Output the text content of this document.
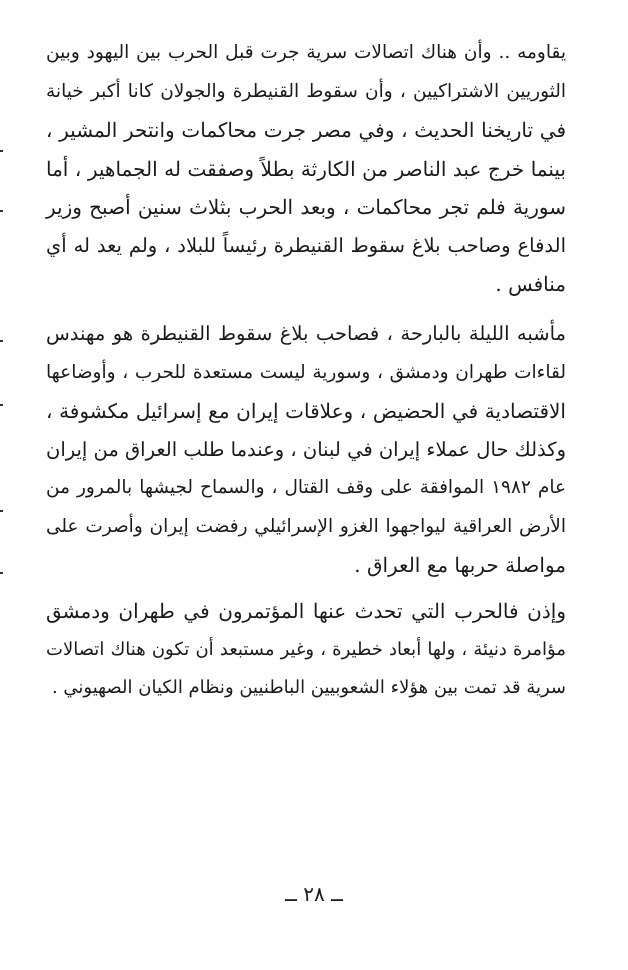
يقاومه .. وأن هناك اتصالات سرية جرت قبل الحرب بين اليهود وبين
الثوريين الاشتراكيين ، وأن سقوط القنيطرة والجولان كانا أكبر خيانة
في تاريخنا الحديث ، وفي مصر جرت محاكمات وانتحر المشير ،
بينما خرج عبد الناصر من الكارثة بطلاً وصفقت له الجماهير ، أما
سورية فلم تجر محاكمات ، وبعد الحرب بثلاث سنين أصبح وزير
الدفاع وصاحب بلاغ سقوط القنيطرة رئيساً للبلاد ، ولم يعد له أي
منافس .
مأشبه الليلة بالبارحة ، فصاحب بلاغ سقوط القنيطرة هو مهندس
لقاءات طهران ودمشق ، وسورية ليست مستعدة للحرب ، وأوضاعها
الاقتصادية في الحضيض ، وعلاقات إيران مع إسرائيل مكشوفة ،
وكذلك حال عملاء إيران في لبنان ، وعندما طلب العراق من إيران
عام ١٩٨٢ الموافقة على وقف القتال ، والسماح لجيشها بالمرور من
الأرض العراقية ليواجهوا الغزو الإسرائيلي رفضت إيران وأصرت على
مواصلة حربها مع العراق .
وإذن فالحرب التي تحدث عنها المؤتمرون في طهران ودمشق
مؤامرة دنيئة ، ولها أبعاد خطيرة ، وغير مستبعد أن تكون هناك اتصالات
سرية قد تمت بين هؤلاء الشعوبيين الباطنيين ونظام الكيان الصهيوني .
ــ ٢٨ ــ
